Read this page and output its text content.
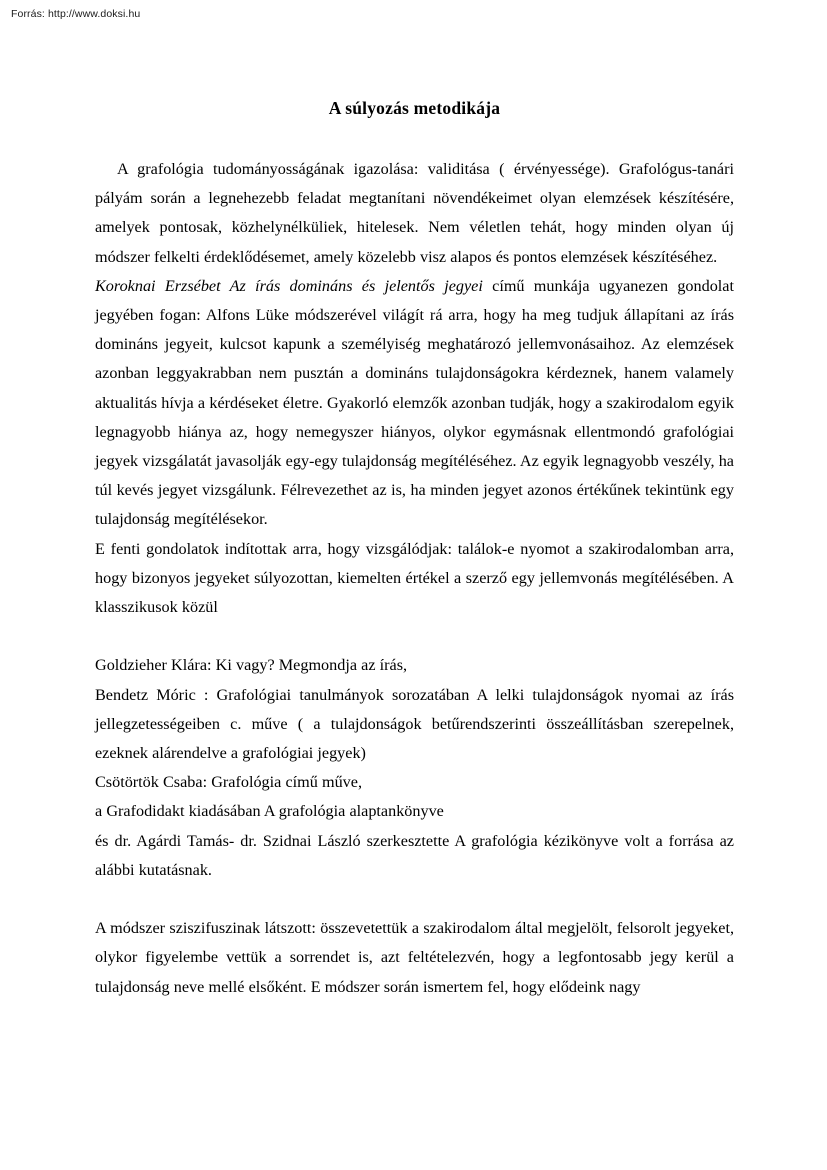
Forrás: http://www.doksi.hu
A súlyozás metodikája

A grafológia tudományosságának igazolása: validitása ( érvényessége). Grafológus-tanári pályám során a legnehezebb feladat megtanítani növendékeimet olyan elemzések készítésére, amelyek pontosak, közhelynélküliek, hitelesek. Nem véletlen tehát, hogy minden olyan új módszer felkelti érdeklődésemet, amely közelebb visz alapos és pontos elemzések készítéséhez.

Koroknai Erzsébet Az írás domináns és jelentős jegyei című munkája ugyanezen gondolat jegyében fogan: Alfons Lüke módszerével világít rá arra, hogy ha meg tudjuk állapítani az írás domináns jegyeit, kulcsot kapunk a személyiség meghatározó jellemvonásaihoz. Az elemzések azonban leggyakrabban nem pusztán a domináns tulajdonságokra kérdeznek, hanem valamely aktualitás hívja a kérdéseket életre. Gyakorló elemzők azonban tudják, hogy a szakirodalom egyik legnagyobb hiánya az, hogy nemegyszer hiányos, olykor egymásnak ellentmondó grafológiai jegyek vizsgálatát javasolják egy-egy tulajdonság megítéléséhez. Az egyik legnagyobb veszély, ha túl kevés jegyet vizsgálunk. Félrevezethet az is, ha minden jegyet azonos értékűnek tekintünk egy tulajdonság megítélésekor.

E fenti gondolatok indítottak arra, hogy vizsgálódjak: találok-e nyomot a szakirodalomban arra, hogy bizonyos jegyeket súlyozottan, kiemelten értékel a szerző egy jellemvonás megítélésében. A klasszikusok közül

Goldzieher Klára: Ki vagy? Megmondja az írás,

Bendetz Móric : Grafológiai tanulmányok sorozatában A lelki tulajdonságok nyomai az írás jellegzetességeiben c. műve ( a tulajdonságok betűrendszerinti összeállításban szerepelnek, ezeknek alárendelve a grafológiai jegyek)

Csötörtök Csaba: Grafológia című műve,

a Grafodidakt kiadásában A grafológia alaptankönyve

és dr. Agárdi Tamás- dr. Szidnai László szerkesztette A grafológia kézikönyve volt a forrása az alábbi kutatásnak.

A módszer sziszifuszinak látszott: összevetettük a szakirodalom által megjelölt, felsorolt jegyeket, olykor figyelembe vettük a sorrendet is, azt feltételezvén, hogy a legfontosabb jegy kerül a tulajdonság neve mellé elsőként. E módszer során ismertem fel, hogy elődeink nagy
